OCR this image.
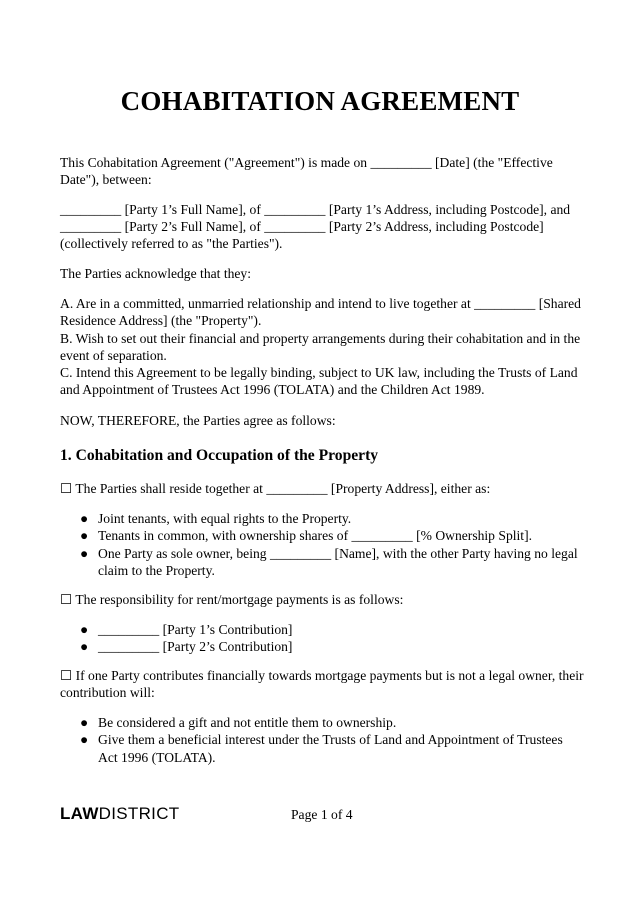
COHABITATION AGREEMENT

This Cohabitation Agreement ("Agreement") is made on _________ [Date] (the "Effective Date"), between:

_________ [Party 1’s Full Name], of _________ [Party 1’s Address, including Postcode], and

_________ [Party 2’s Full Name], of _________ [Party 2’s Address, including Postcode]

(collectively referred to as "the Parties").

The Parties acknowledge that they:

A. Are in a committed, unmarried relationship and intend to live together at _________ [Shared Residence Address] (the "Property").

B. Wish to set out their financial and property arrangements during their cohabitation and in the event of separation.

C. Intend this Agreement to be legally binding, subject to UK law, including the Trusts of Land and Appointment of Trustees Act 1996 (TOLATA) and the Children Act 1989.

NOW, THEREFORE, the Parties agree as follows:

1. Cohabitation and Occupation of the Property

☐ The Parties shall reside together at _________ [Property Address], either as:

● Joint tenants, with equal rights to the Property.
● Tenants in common, with ownership shares of _________ [% Ownership Split].
● One Party as sole owner, being _________ [Name], with the other Party having no legal claim to the Property.

☐ The responsibility for rent/mortgage payments is as follows:

● _________ [Party 1’s Contribution]
● _________ [Party 2’s Contribution]

☐ If one Party contributes financially towards mortgage payments but is not a legal owner, their contribution will:

● Be considered a gift and not entitle them to ownership.
● Give them a beneficial interest under the Trusts of Land and Appointment of Trustees Act 1996 (TOLATA).
LAWDISTRICT	Page 1 of 4
